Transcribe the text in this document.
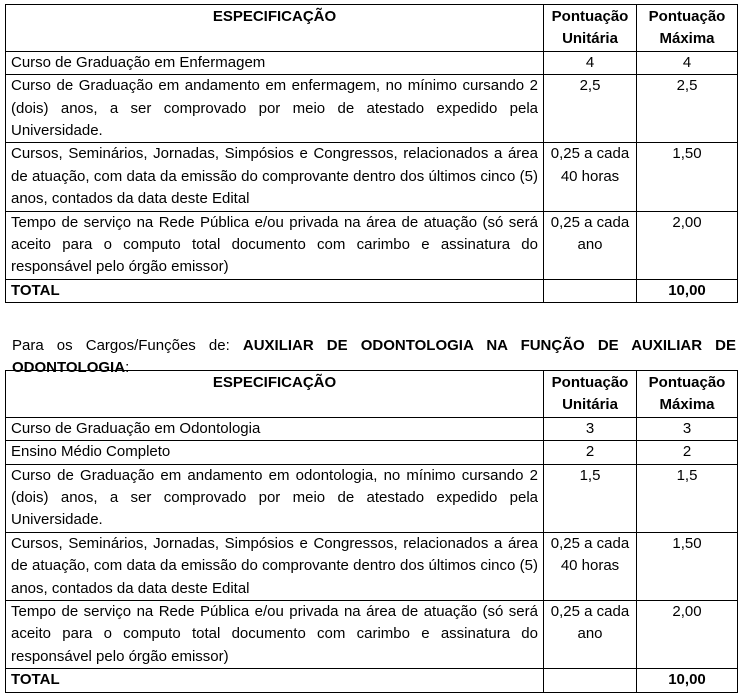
ESPECIFICAÇÃO	Pontuação Unitária	Pontuação Máxima
Curso de Graduação em Enfermagem	4	4
Curso de Graduação em andamento em enfermagem, no mínimo cursando 2 (dois) anos, a ser comprovado por meio de atestado expedido pela Universidade.	2,5	2,5
Cursos, Seminários, Jornadas, Simpósios e Congressos, relacionados a área de atuação, com data da emissão do comprovante dentro dos últimos cinco (5) anos, contados da data deste Edital	0,25 a cada 40 horas	1,50
Tempo de serviço na Rede Pública e/ou privada na área de atuação (só será aceito para o computo total documento com carimbo e assinatura do responsável pelo órgão emissor)	0,25 a cada ano	2,00
TOTAL		10,00

Para os Cargos/Funções de: AUXILIAR DE ODONTOLOGIA NA FUNÇÃO DE AUXILIAR DE ODONTOLOGIA:

ESPECIFICAÇÃO	Pontuação Unitária	Pontuação Máxima
Curso de Graduação em Odontologia	3	3
Ensino Médio Completo	2	2
Curso de Graduação em andamento em odontologia, no mínimo cursando 2 (dois) anos, a ser comprovado por meio de atestado expedido pela Universidade.	1,5	1,5
Cursos, Seminários, Jornadas, Simpósios e Congressos, relacionados a área de atuação, com data da emissão do comprovante dentro dos últimos cinco (5) anos, contados da data deste Edital	0,25 a cada 40 horas	1,50
Tempo de serviço na Rede Pública e/ou privada na área de atuação (só será aceito para o computo total documento com carimbo e assinatura do responsável pelo órgão emissor)	0,25 a cada ano	2,00
TOTAL		10,00
